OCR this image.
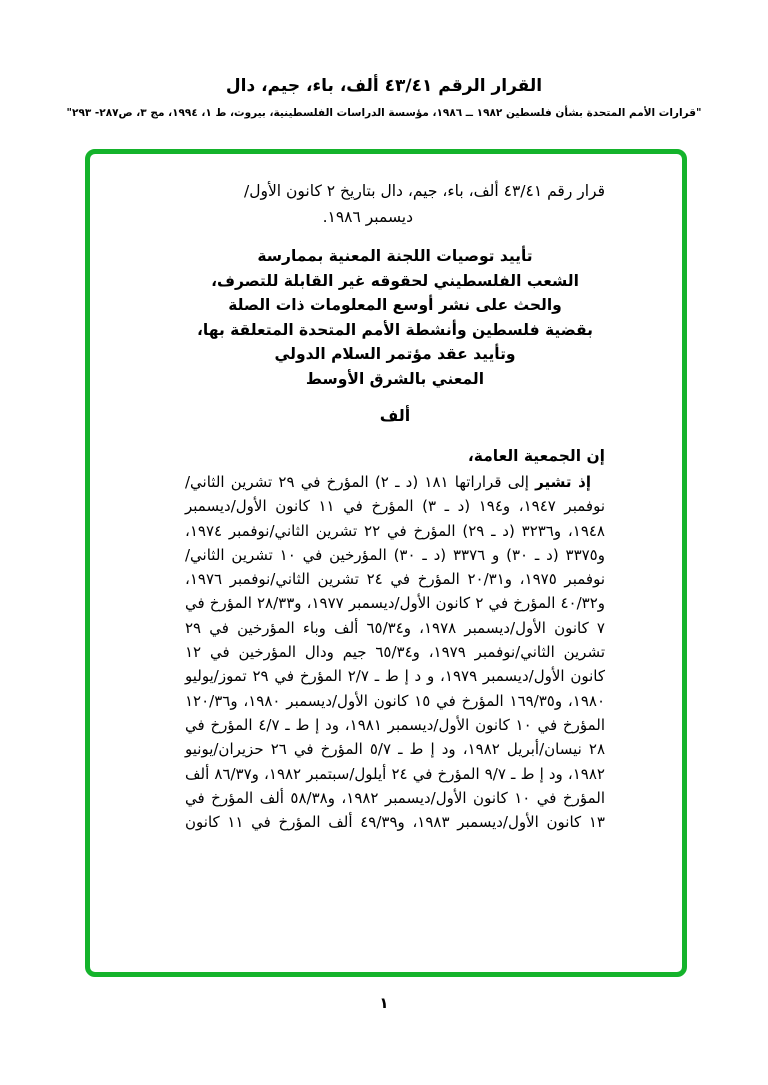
القرار الرقم ٤٣/٤١ ألف، باء، جيم، دال
"قرارات الأمم المتحدة بشأن فلسطين ١٩٨٢ ــ ١٩٨٦، مؤسسة الدراسات الفلسطينية، بيروت، ط ١، ١٩٩٤، مج ٣، ص٢٨٧- ٢٩٣"
قرار رقم ٤٣/٤١ ألف، باء، جيم، دال بتاريخ ٢ كانون الأول/
ديسمبر ١٩٨٦.
تأييد توصيات اللجنة المعنية بممارسة
الشعب الفلسطيني لحقوقه غير القابلة للتصرف،
والحث على نشر أوسع المعلومات ذات الصلة
بقضية فلسطين وأنشطة الأمم المتحدة المتعلقة بها،
وتأييد عقد مؤتمر السلام الدولي
المعني بالشرق الأوسط
ألف
إن الجمعية العامة،
إذ تشير إلى قراراتها ١٨١ (د ـ ٢) المؤرخ في ٢٩ تشرين الثاني/نوفمبر ١٩٤٧، و١٩٤ (د ـ ٣) المؤرخ في ١١ كانون الأول/ديسمبر ١٩٤٨، و٣٢٣٦ (د ـ ٢٩) المؤرخ في ٢٢ تشرين الثاني/نوفمبر ١٩٧٤، و٣٣٧٥ (د ـ ٣٠) و ٣٣٧٦ (د ـ ٣٠) المؤرخين في ١٠ تشرين الثاني/نوفمبر ١٩٧٥، و٢٠/٣١ المؤرخ في ٢٤ تشرين الثاني/نوفمبر ١٩٧٦، و٤٠/٣٢ المؤرخ في ٢ كانون الأول/ديسمبر ١٩٧٧، و٢٨/٣٣ المؤرخ في ٧ كانون الأول/ديسمبر ١٩٧٨، و٦٥/٣٤ ألف وباء المؤرخين في ٢٩ تشرين الثاني/نوفمبر ١٩٧٩، و٦٥/٣٤ جيم ودال المؤرخين في ١٢ كانون الأول/ديسمبر ١٩٧٩، و د إ ط ـ ٢/٧ المؤرخ في ٢٩ تموز/يوليو ١٩٨٠، و١٦٩/٣٥ المؤرخ في ١٥ كانون الأول/ديسمبر ١٩٨٠، و١٢٠/٣٦ المؤرخ في ١٠ كانون الأول/ديسمبر ١٩٨١، ود إ ط ـ ٤/٧ المؤرخ في ٢٨ نيسان/أبريل ١٩٨٢، ود إ ط ـ ٥/٧ المؤرخ في ٢٦ حزيران/يونيو ١٩٨٢، ود إ ط ـ ٩/٧ المؤرخ في ٢٤ أيلول/سبتمبر ١٩٨٢، و٨٦/٣٧ ألف المؤرخ في ١٠ كانون الأول/ديسمبر ١٩٨٢، و٥٨/٣٨ ألف المؤرخ في ١٣ كانون الأول/ديسمبر ١٩٨٣، و٤٩/٣٩ ألف المؤرخ في ١١ كانون
١
